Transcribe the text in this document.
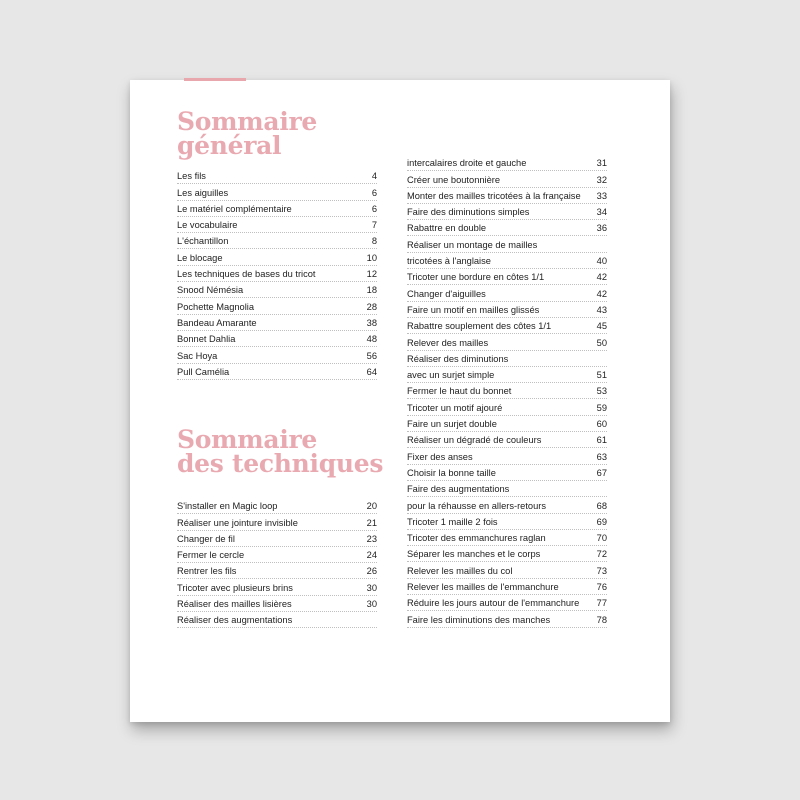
Sommaire
général
Sommaire
des techniques
Les fils	4
Les aiguilles	6
Le matériel complémentaire	6
Le vocabulaire	7
L'échantillon	8
Le blocage	10
Les techniques de bases du tricot	12
Snood Némésia	18
Pochette Magnolia	28
Bandeau Amarante	38
Bonnet Dahlia	48
Sac Hoya	56
Pull Camélia	64
S'installer en Magic loop	20
Réaliser une jointure invisible	21
Changer de fil	23
Fermer le cercle	24
Rentrer les fils	26
Tricoter avec plusieurs brins	30
Réaliser des mailles lisières	30
Réaliser des augmentations
intercalaires droite et gauche	31
Créer une boutonnière	32
Monter des mailles tricotées à la française 33
Faire des diminutions simples	34
Rabattre en double	36
Réaliser un montage de mailles
tricotées à l'anglaise	40
Tricoter une bordure en côtes 1/1	42
Changer d'aiguilles	42
Faire un motif en mailles glissés	43
Rabattre souplement des côtes 1/1	45
Relever des mailles	50
Réaliser des diminutions
avec un surjet simple	51
Fermer le haut du bonnet	53
Tricoter un motif ajouré	59
Faire un surjet double	60
Réaliser un dégradé de couleurs	61
Fixer des anses	63
Choisir la bonne taille	67
Faire des augmentations
pour la réhausse en allers-retours	68
Tricoter 1 maille 2 fois	69
Tricoter des emmanchures raglan	70
Séparer les manches et le corps	72
Relever les mailles du col	73
Relever les mailles de l'emmanchure	76
Réduire les jours autour de l'emmanchure 77
Faire les diminutions des manches	78
